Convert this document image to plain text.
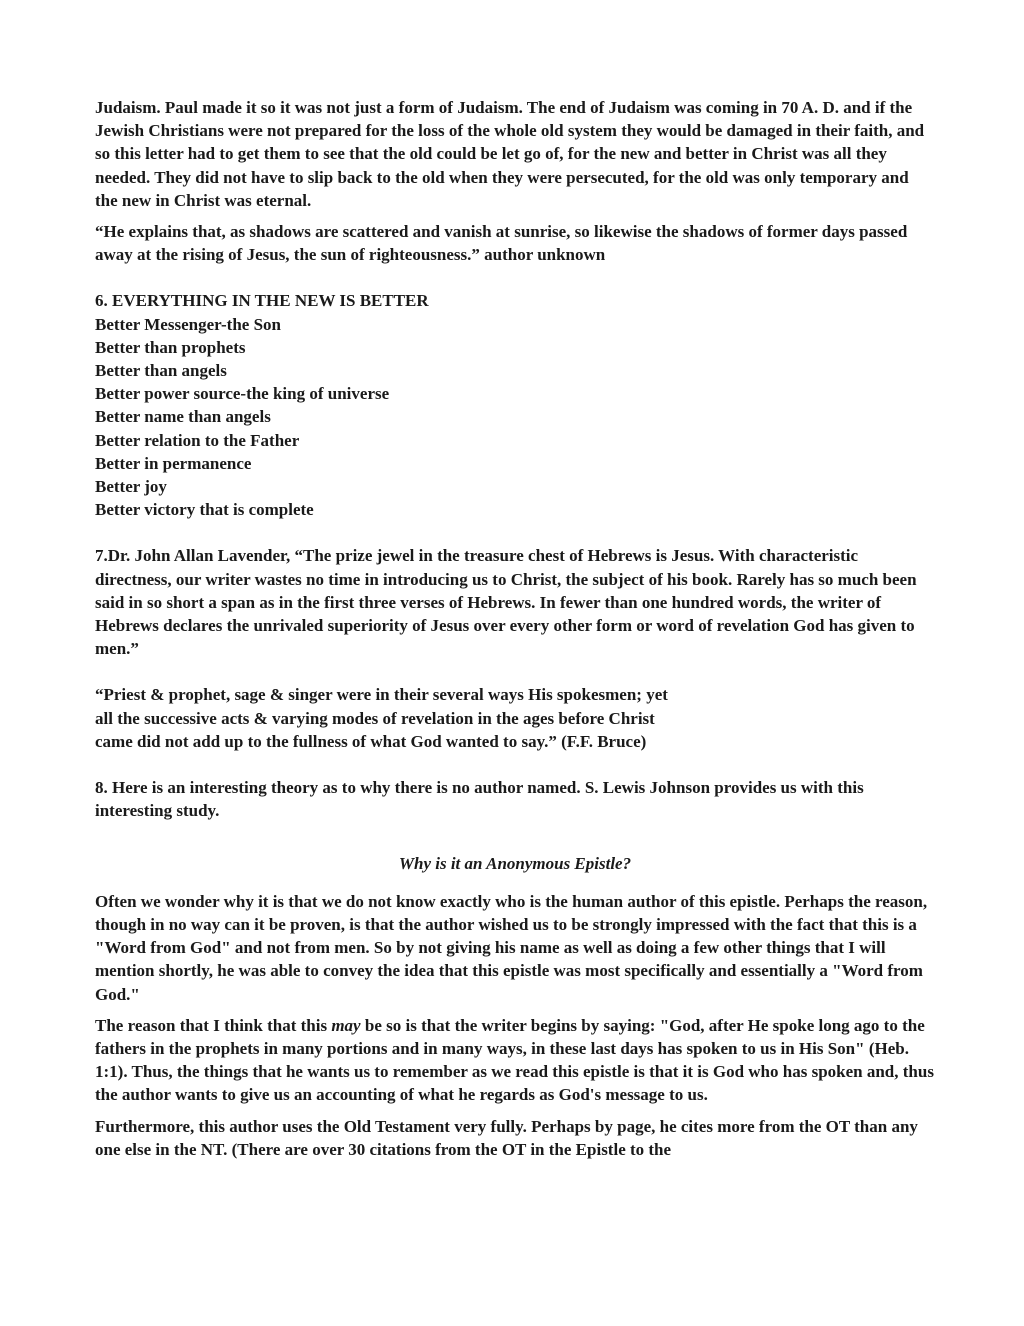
Judaism. Paul made it so it was not just a form of Judaism. The end of Judaism was coming in 70 A. D. and if the Jewish Christians were not prepared for the loss of the whole old system they would be damaged in their faith, and so this letter had to get them to see that the old could be let go of, for the new and better in Christ was all they needed. They did not have to slip back to the old when they were persecuted, for the old was only temporary and the new in Christ was eternal.

“He explains that, as shadows are scattered and vanish at sunrise, so likewise the shadows of former days passed away at the rising of Jesus, the sun of righteousness.” author unknown

6. EVERYTHING IN THE NEW IS BETTER

Better Messenger-the Son
Better than prophets
Better than angels
Better power source-the king of universe
Better name than angels
Better relation to the Father
Better in permanence
Better joy
Better victory that is complete

7.Dr. John Allan Lavender, “The prize jewel in the treasure chest of Hebrews is Jesus. With characteristic directness, our writer wastes no time in introducing us to Christ, the subject of his book. Rarely has so much been said in so short a span as in the first three verses of Hebrews. In fewer than one hundred words, the writer of Hebrews declares the unrivaled superiority of Jesus over every other form or word of revelation God has given to men.”

“Priest & prophet, sage & singer were in their several ways His spokesmen; yet
all the successive acts & varying modes of revelation in the ages before Christ
came did not add up to the fullness of what God wanted to say.” (F.F. Bruce)

8. Here is an interesting theory as to why there is no author named. S. Lewis Johnson provides us with this interesting study.

Why is it an Anonymous Epistle?

Often we wonder why it is that we do not know exactly who is the human author of this epistle. Perhaps the reason, though in no way can it be proven, is that the author wished us to be strongly impressed with the fact that this is a "Word from God" and not from men. So by not giving his name as well as doing a few other things that I will mention shortly, he was able to convey the idea that this epistle was most specifically and essentially a "Word from God."

The reason that I think that this may be so is that the writer begins by saying: "God, after He spoke long ago to the fathers in the prophets in many portions and in many ways, in these last days has spoken to us in His Son" (Heb. 1:1). Thus, the things that he wants us to remember as we read this epistle is that it is God who has spoken and, thus the author wants to give us an accounting of what he regards as God's message to us.

Furthermore, this author uses the Old Testament very fully. Perhaps by page, he cites more from the OT than any one else in the NT. (There are over 30 citations from the OT in the Epistle to the
